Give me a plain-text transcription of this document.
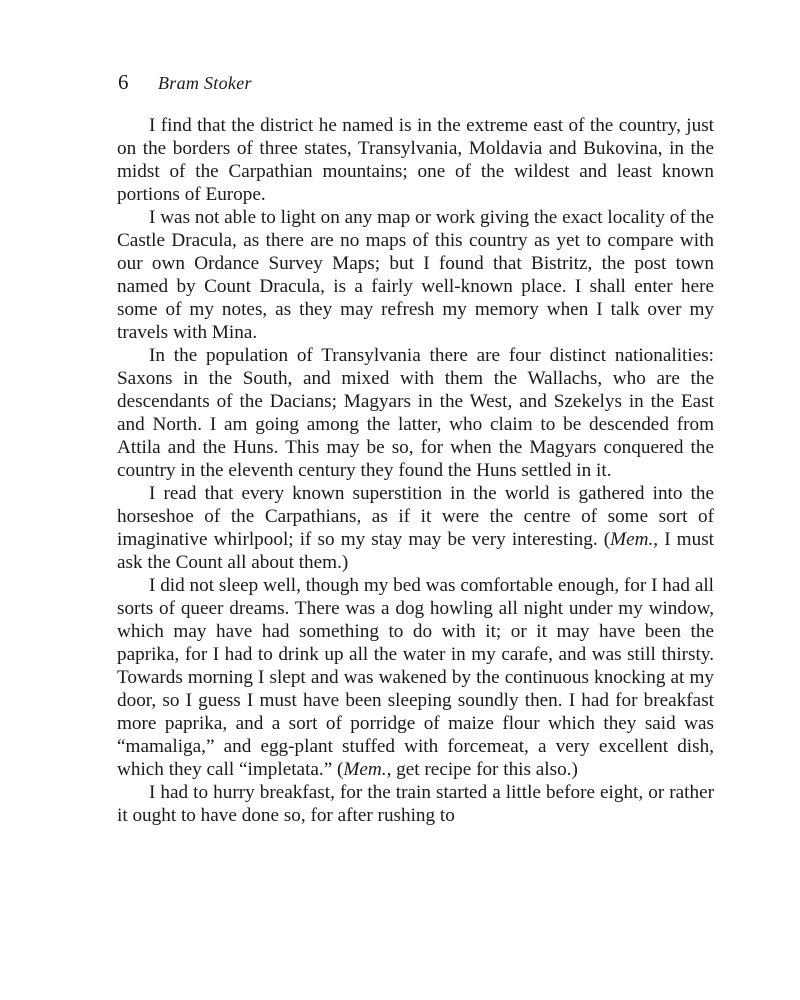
6	Bram Stoker

I find that the district he named is in the extreme east of the country, just on the borders of three states, Transylvania, Moldavia and Bukovina, in the midst of the Carpathian mountains; one of the wildest and least known portions of Europe.

I was not able to light on any map or work giving the exact locality of the Castle Dracula, as there are no maps of this country as yet to compare with our own Ordance Survey Maps; but I found that Bistritz, the post town named by Count Dracula, is a fairly well-known place. I shall enter here some of my notes, as they may refresh my memory when I talk over my travels with Mina.

In the population of Transylvania there are four distinct nationalities: Saxons in the South, and mixed with them the Wallachs, who are the descendants of the Dacians; Magyars in the West, and Szekelys in the East and North. I am going among the latter, who claim to be descended from Attila and the Huns. This may be so, for when the Magyars conquered the country in the eleventh century they found the Huns settled in it.

I read that every known superstition in the world is gathered into the horseshoe of the Carpathians, as if it were the centre of some sort of imaginative whirlpool; if so my stay may be very interesting. (Mem., I must ask the Count all about them.)

I did not sleep well, though my bed was comfortable enough, for I had all sorts of queer dreams. There was a dog howling all night under my window, which may have had something to do with it; or it may have been the paprika, for I had to drink up all the water in my carafe, and was still thirsty. Towards morning I slept and was wakened by the continuous knocking at my door, so I guess I must have been sleeping soundly then. I had for breakfast more paprika, and a sort of porridge of maize flour which they said was “mamaliga,” and egg-plant stuffed with forcemeat, a very excellent dish, which they call “impletata.” (Mem., get recipe for this also.)

I had to hurry breakfast, for the train started a little before eight, or rather it ought to have done so, for after rushing to
